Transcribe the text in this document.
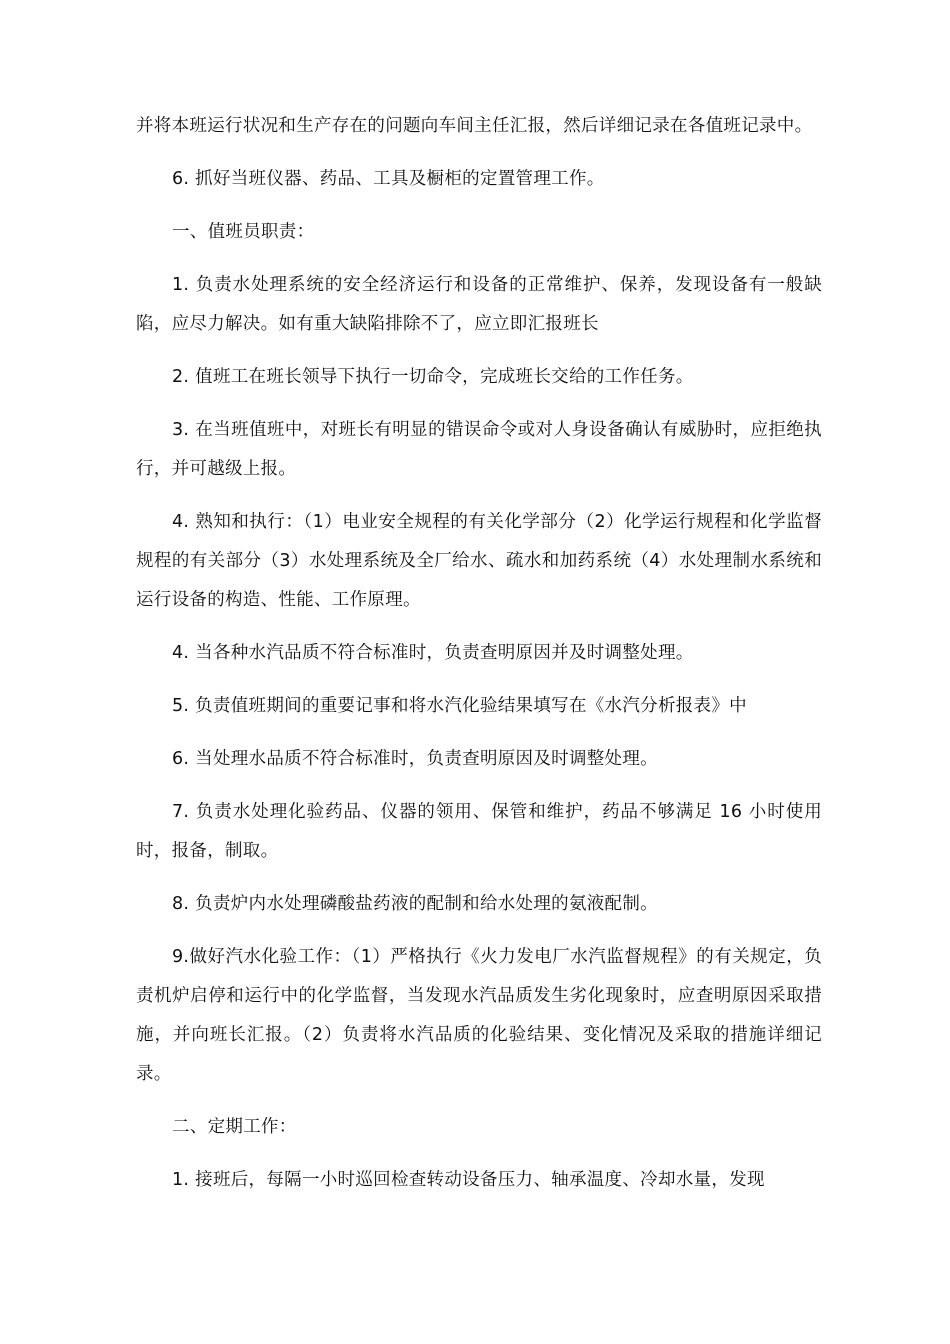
并将本班运行状况和生产存在的问题向车间主任汇报，然后详细记录在各值班记录中。

6. 抓好当班仪器、药品、工具及橱柜的定置管理工作。

一、值班员职责：

1. 负责水处理系统的安全经济运行和设备的正常维护、保养，发现设备有一般缺陷，应尽力解决。如有重大缺陷排除不了，应立即汇报班长

2. 值班工在班长领导下执行一切命令，完成班长交给的工作任务。

3. 在当班值班中，对班长有明显的错误命令或对人身设备确认有威胁时，应拒绝执行，并可越级上报。

4. 熟知和执行：（1）电业安全规程的有关化学部分（2）化学运行规程和化学监督规程的有关部分（3）水处理系统及全厂给水、疏水和加药系统（4）水处理制水系统和运行设备的构造、性能、工作原理。

4. 当各种水汽品质不符合标准时，负责查明原因并及时调整处理。

5. 负责值班期间的重要记事和将水汽化验结果填写在《水汽分析报表》中

6. 当处理水品质不符合标准时，负责查明原因及时调整处理。

7. 负责水处理化验药品、仪器的领用、保管和维护，药品不够满足 16 小时使用时，报备，制取。

8. 负责炉内水处理磷酸盐药液的配制和给水处理的氨液配制。

9.做好汽水化验工作：（1）严格执行《火力发电厂水汽监督规程》的有关规定，负责机炉启停和运行中的化学监督，当发现水汽品质发生劣化现象时，应查明原因采取措施，并向班长汇报。（2）负责将水汽品质的化验结果、变化情况及采取的措施详细记录。

二、定期工作：

1. 接班后，每隔一小时巡回检查转动设备压力、轴承温度、冷却水量，发现
